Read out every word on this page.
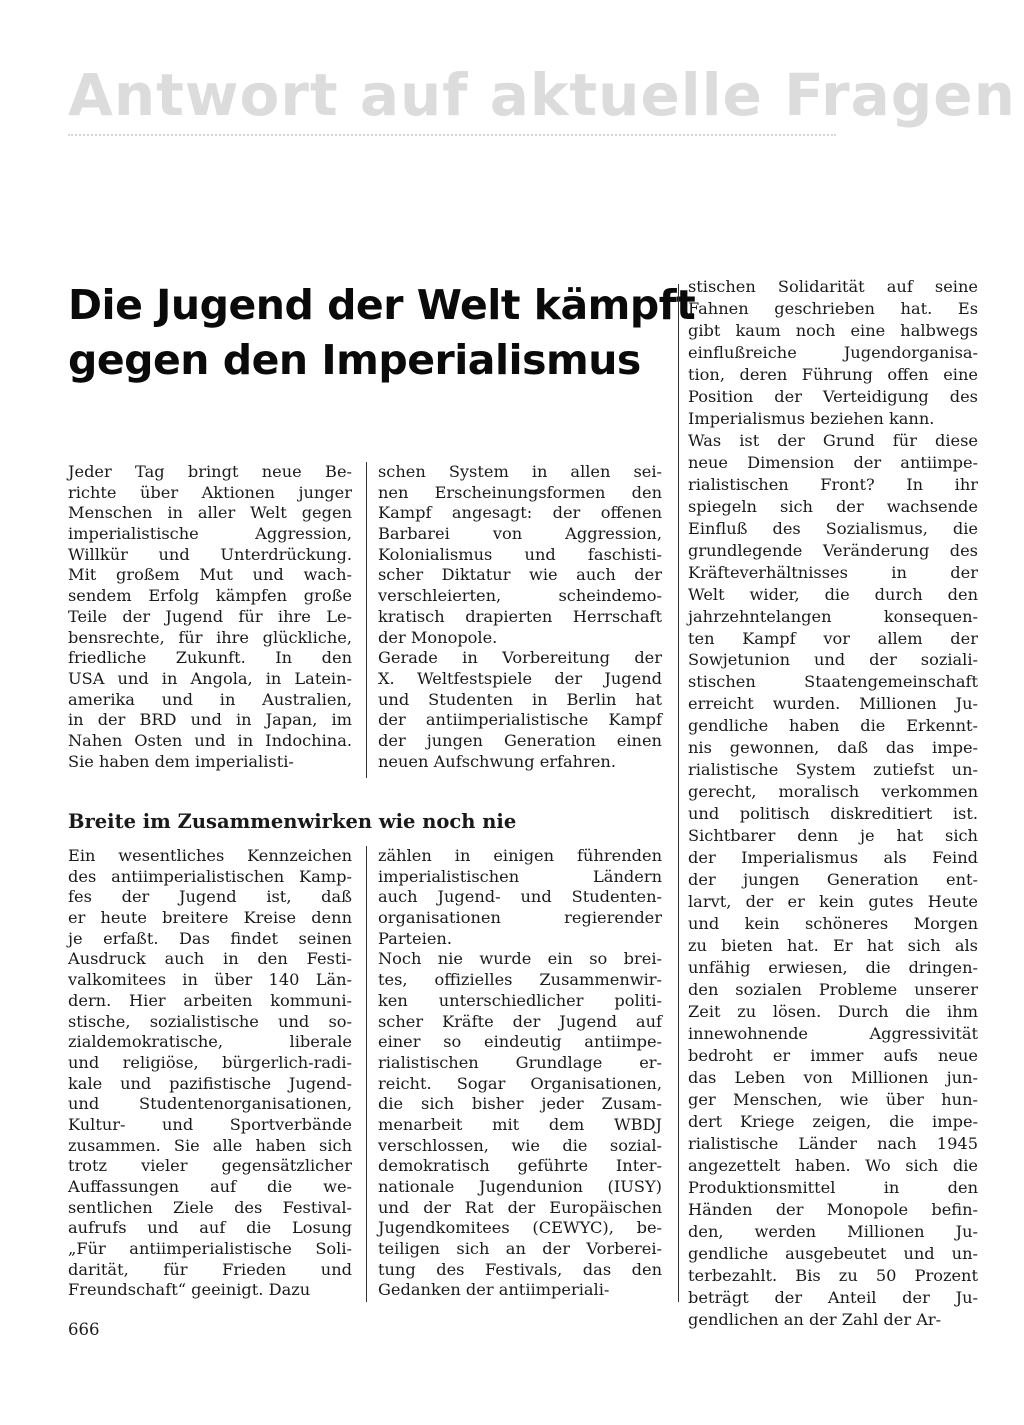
Antwort auf aktuelle Fragen
Die Jugend der Welt kämpft
gegen den Imperialismus
Jeder Tag bringt neue Be-
richte über Aktionen junger
Menschen in aller Welt gegen
imperialistische Aggression,
Willkür und Unterdrückung.
Mit großem Mut und wach-
sendem Erfolg kämpfen große
Teile der Jugend für ihre Le-
bensrechte, für ihre glückliche,
friedliche Zukunft. In den
USA und in Angola, in Latein-
amerika und in Australien,
in der BRD und in Japan, im
Nahen Osten und in Indochina.
Sie haben dem imperialisti-
schen System in allen sei-
nen Erscheinungsformen den
Kampf angesagt: der offenen
Barbarei von Aggression,
Kolonialismus und faschisti-
scher Diktatur wie auch der
verschleierten, scheindemo-
kratisch drapierten Herrschaft
der Monopole.
Gerade in Vorbereitung der
X. Weltfestspiele der Jugend
und Studenten in Berlin hat
der antiimperialistische Kampf
der jungen Generation einen
neuen Aufschwung erfahren.
Breite im Zusammenwirken wie noch nie
Ein wesentliches Kennzeichen
des antiimperialistischen Kamp-
fes der Jugend ist, daß
er heute breitere Kreise denn
je erfaßt. Das findet seinen
Ausdruck auch in den Festi-
valkomitees in über 140 Län-
dern. Hier arbeiten kommuni-
stische, sozialistische und so-
zialdemokratische, liberale
und religiöse, bürgerlich-radi-
kale und pazifistische Jugend-
und Studentenorganisationen,
Kultur- und Sportverbände
zusammen. Sie alle haben sich
trotz vieler gegensätzlicher
Auffassungen auf die we-
sentlichen Ziele des Festival-
aufrufs und auf die Losung
„Für antiimperialistische Soli-
darität, für Frieden und
Freundschaft“ geeinigt. Dazu
zählen in einigen führenden
imperialistischen Ländern
auch Jugend- und Studenten-
organisationen regierender
Parteien.
Noch nie wurde ein so brei-
tes, offizielles Zusammenwir-
ken unterschiedlicher politi-
scher Kräfte der Jugend auf
einer so eindeutig antiimpe-
rialistischen Grundlage er-
reicht. Sogar Organisationen,
die sich bisher jeder Zusam-
menarbeit mit dem WBDJ
verschlossen, wie die sozial-
demokratisch geführte Inter-
nationale Jugendunion (IUSY)
und der Rat der Europäischen
Jugendkomitees (CEWYC), be-
teiligen sich an der Vorberei-
tung des Festivals, das den
Gedanken der antiimperiali-
stischen Solidarität auf seine
Fahnen geschrieben hat. Es
gibt kaum noch eine halbwegs
einflußreiche Jugendorganisa-
tion, deren Führung offen eine
Position der Verteidigung des
Imperialismus beziehen kann.
Was ist der Grund für diese
neue Dimension der antiimpe-
rialistischen Front? In ihr
spiegeln sich der wachsende
Einfluß des Sozialismus, die
grundlegende Veränderung des
Kräfteverhältnisses in der
Welt wider, die durch den
jahrzehntelangen konsequen-
ten Kampf vor allem der
Sowjetunion und der soziali-
stischen Staatengemeinschaft
erreicht wurden. Millionen Ju-
gendliche haben die Erkennt-
nis gewonnen, daß das impe-
rialistische System zutiefst un-
gerecht, moralisch verkommen
und politisch diskreditiert ist.
Sichtbarer denn je hat sich
der Imperialismus als Feind
der jungen Generation ent-
larvt, der er kein gutes Heute
und kein schöneres Morgen
zu bieten hat. Er hat sich als
unfähig erwiesen, die dringen-
den sozialen Probleme unserer
Zeit zu lösen. Durch die ihm
innewohnende Aggressivität
bedroht er immer aufs neue
das Leben von Millionen jun-
ger Menschen, wie über hun-
dert Kriege zeigen, die impe-
rialistische Länder nach 1945
angezettelt haben. Wo sich die
Produktionsmittel in den
Händen der Monopole befin-
den, werden Millionen Ju-
gendliche ausgebeutet und un-
terbezahlt. Bis zu 50 Prozent
beträgt der Anteil der Ju-
gendlichen an der Zahl der Ar-
666
